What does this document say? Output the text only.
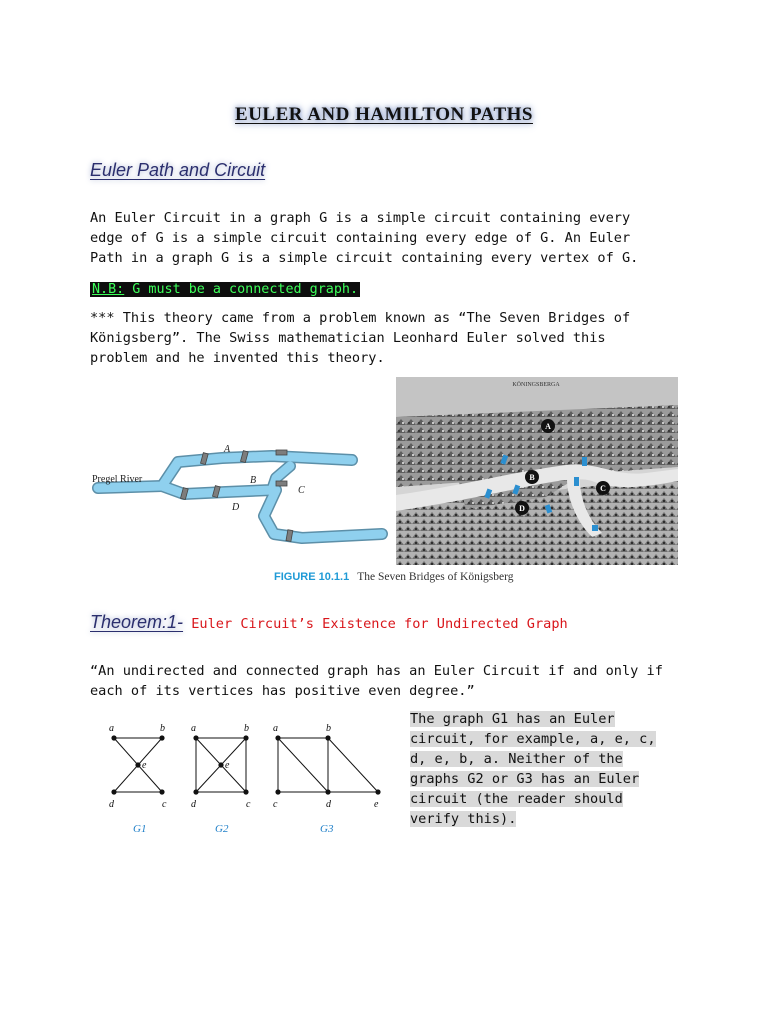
EULER AND HAMILTON PATHS
Euler Path and Circuit
An Euler Circuit in a graph G is a simple circuit containing every
edge of G is a simple circuit containing every edge of G. An Euler
Path in a graph G is a simple circuit containing every vertex of G.
N.B: G must be a connected graph.
*** This theory came from a problem known as “The Seven Bridges of
Königsberg”. The Swiss mathematician Leonhard Euler solved this
problem and he invented this theory.
Pregel River
A
B
C
D
A
B
C
D
KÖNINGSBERGA
FIGURE 10.1.1 The Seven Bridges of Königsberg
Theorem:1- Euler Circuit’s Existence for Undirected Graph
“An undirected and connected graph has an Euler Circuit if and only if
each of its vertices has positive even degree.”
a	b
c
d
e
a	b
c
d
e
a	b
c	d	e
G1	G2	G3
The graph G1 has an Euler
circuit, for example, a, e, c,
d, e, b, a. Neither of the
graphs G2 or G3 has an Euler
circuit (the reader should
verify this).
